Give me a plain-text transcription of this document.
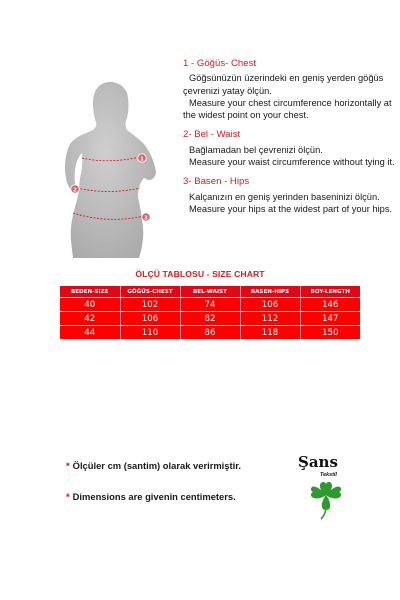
1
2
3
1 - Göğüs- Chest

Göğsünüzün üzerindeki en geniş yerden göğüs çevrenizi yatay ölçün.

Measure your chest circumference horizontally at the widest point on your chest.

2- Bel - Waist

Bağlamadan bel çevrenizi ölçün.

Measure your waist circumference without tying it.

3- Basen - Hips

Kalçanızın en geniş yerinden baseninizi ölçün.

Measure your hips at the widest part of your hips.

ÖLÇÜ TABLOSU - SIZE CHART
BEDEN-SIZE	GÖĞÜS-CHEST	BEL-WAIST	BASEN-HIPS	BOY-LENGTH
40	102	74	106	146
42	106	82	112	147
44	110	86	118	150

* Ölçüler cm (santim) olarak verirmiştir.

* Dimensions are givenin centimeters.

Şans
Tekstil
